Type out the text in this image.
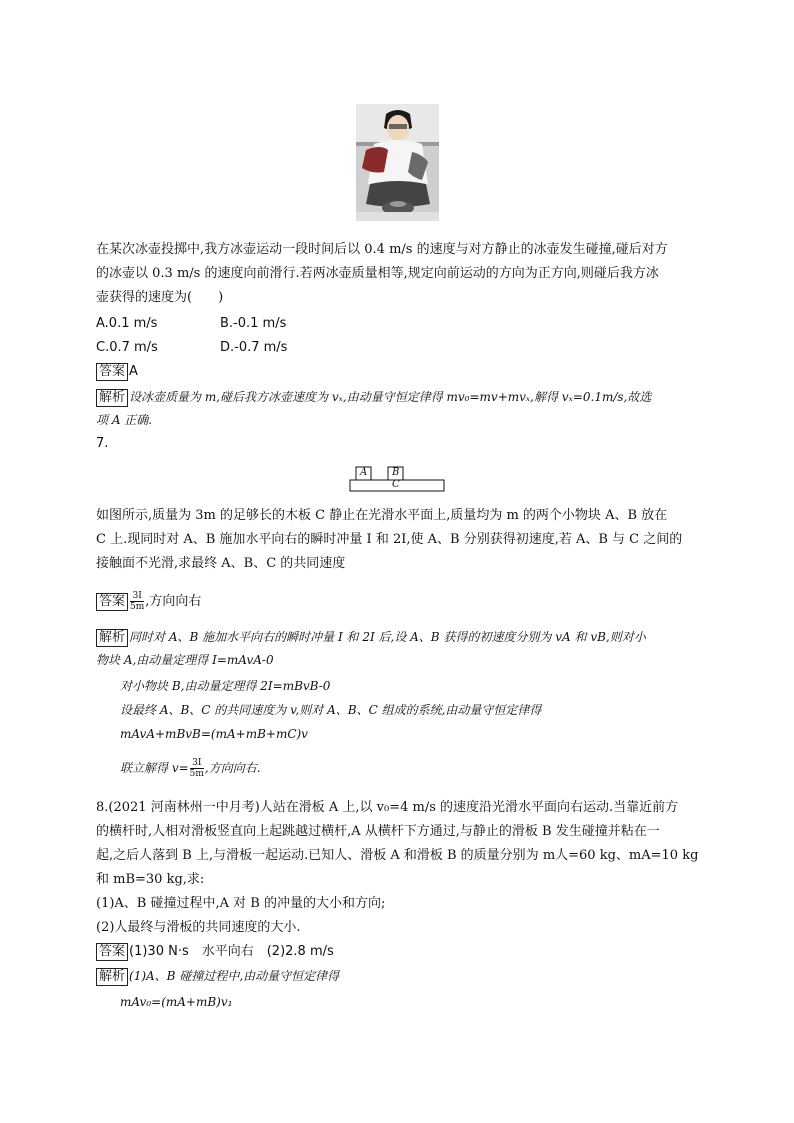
在某次冰壶投掷中,我方冰壶运动一段时间后以 0.4 m/s 的速度与对方静止的冰壶发生碰撞,碰后对方
的冰壶以 0.3 m/s 的速度向前滑行.若两冰壶质量相等,规定向前运动的方向为正方向,则碰后我方冰
壶获得的速度为(　　)
A.0.1 m/s	B.-0.1 m/s
C.0.7 m/s	D.-0.7 m/s
答案 A
解析 设冰壶质量为 m,碰后我方冰壶速度为 vₓ,由动量守恒定律得 mv₀=mv+mvₓ,解得 vₓ=0.1m/s,故选
项 A 正确.
7.
A B
C
如图所示,质量为 3m 的足够长的木板 C 静止在光滑水平面上,质量均为 m 的两个小物块 A、B 放在
C 上.现同时对 A、B 施加水平向右的瞬时冲量 I 和 2I,使 A、B 分别获得初速度,若 A、B 与 C 之间的
接触面不光滑,求最终 A、B、C 的共同速度
答案 $\frac{3I}{5m}$ ,方向向右
解析 同时对 A、B 施加水平向右的瞬时冲量 I 和 2I 后,设 A、B 获得的初速度分别为 vA 和 vB,则对小
物块 A,由动量定理得 I=mAvA-0
对小物块 B,由动量定理得 2I=mBvB-0
设最终 A、B、C 的共同速度为 v,则对 A、B、C 组成的系统,由动量守恒定律得
mAvA+mBvB=(mA+mB+mC)v
联立解得 $v= \frac{3I}{5m}$ ,方向向右.
8.(2021 河南林州一中月考)人站在滑板 A 上,以 v₀=4 m/s 的速度沿光滑水平面向右运动.当靠近前方
的横杆时,人相对滑板竖直向上起跳越过横杆,A 从横杆下方通过,与静止的滑板 B 发生碰撞并粘在一
起,之后人落到 B 上,与滑板一起运动.已知人、滑板 A 和滑板 B 的质量分别为 m人=60 kg、mA=10 kg
和 mB=30 kg,求:
(1)A、B 碰撞过程中,A 对 B 的冲量的大小和方向;
(2)人最终与滑板的共同速度的大小.
答案 (1)30 N·s　水平向右　(2)2.8 m/s
解析 (1)A、B 碰撞过程中,由动量守恒定律得
mAv₀=(mA+mB)v₁
